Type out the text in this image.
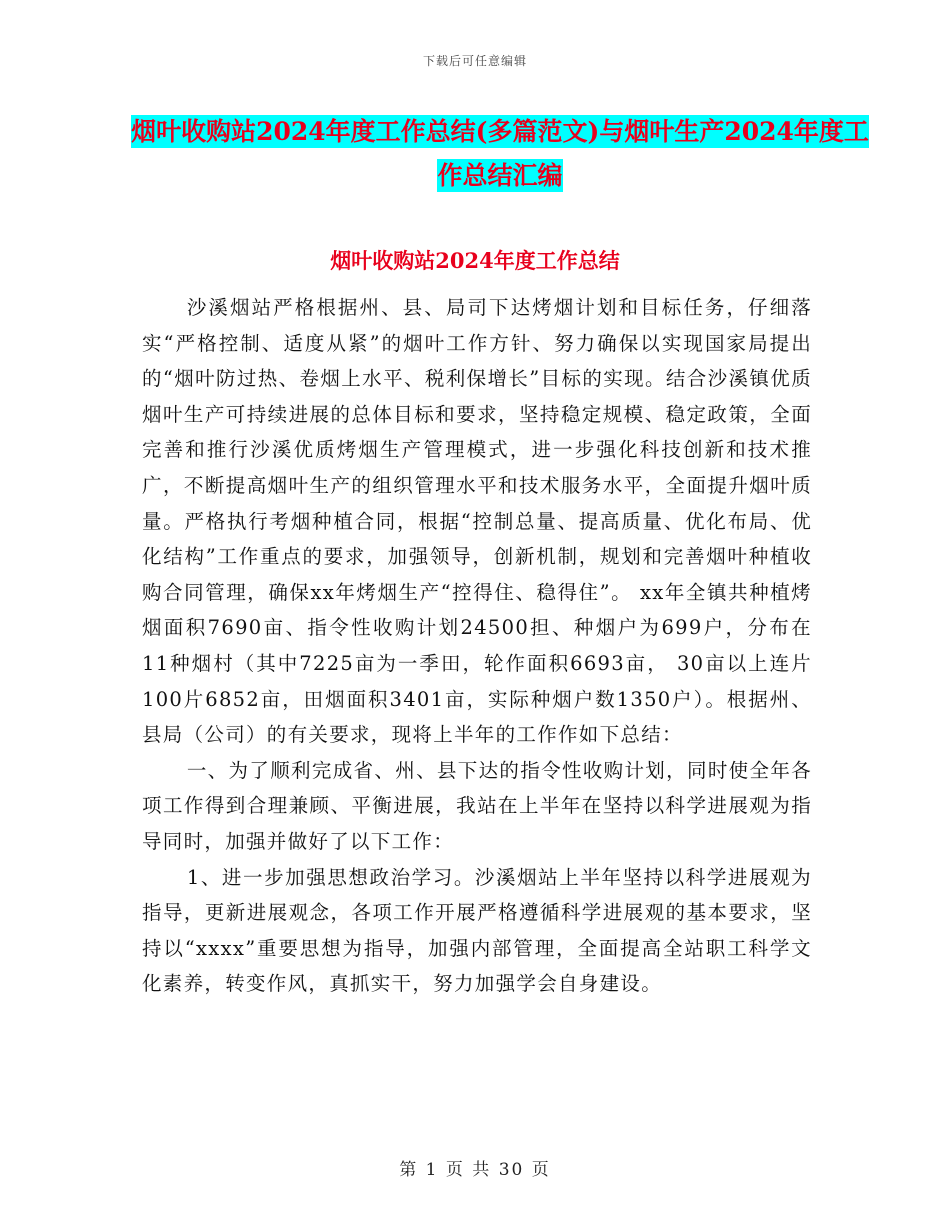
下载后可任意编辑
烟叶收购站2024年度工作总结(多篇范文)与烟叶生产2024年度工作总结汇编
烟叶收购站2024年度工作总结

沙溪烟站严格根据州、县、局司下达烤烟计划和目标任务，仔细落实“严格控制、适度从紧”的烟叶工作方针、努力确保以实现国家局提出的“烟叶防过热、卷烟上水平、税利保增长”目标的实现。结合沙溪镇优质烟叶生产可持续进展的总体目标和要求，坚持稳定规模、稳定政策，全面完善和推行沙溪优质烤烟生产管理模式，进一步强化科技创新和技术推广，不断提高烟叶生产的组织管理水平和技术服务水平，全面提升烟叶质量。严格执行考烟种植合同，根据“控制总量、提高质量、优化布局、优化结构”工作重点的要求，加强领导，创新机制，规划和完善烟叶种植收购合同管理，确保xx年烤烟生产“控得住、稳得住”。 xx年全镇共种植烤烟面积7690亩、指令性收购计划24500担、种烟户为699户，分布在11种烟村（其中7225亩为一季田，轮作面积6693亩， 30亩以上连片100片6852亩，田烟面积3401亩，实际种烟户数1350户）。根据州、县局（公司）的有关要求，现将上半年的工作作如下总结：

一、为了顺利完成省、州、县下达的指令性收购计划，同时使全年各项工作得到合理兼顾、平衡进展，我站在上半年在坚持以科学进展观为指导同时，加强并做好了以下工作：

1、进一步加强思想政治学习。沙溪烟站上半年坚持以科学进展观为指导，更新进展观念，各项工作开展严格遵循科学进展观的基本要求，坚持以“xxxx”重要思想为指导，加强内部管理，全面提高全站职工科学文化素养，转变作风，真抓实干，努力加强学会自身建设。

第 1 页 共 30 页
